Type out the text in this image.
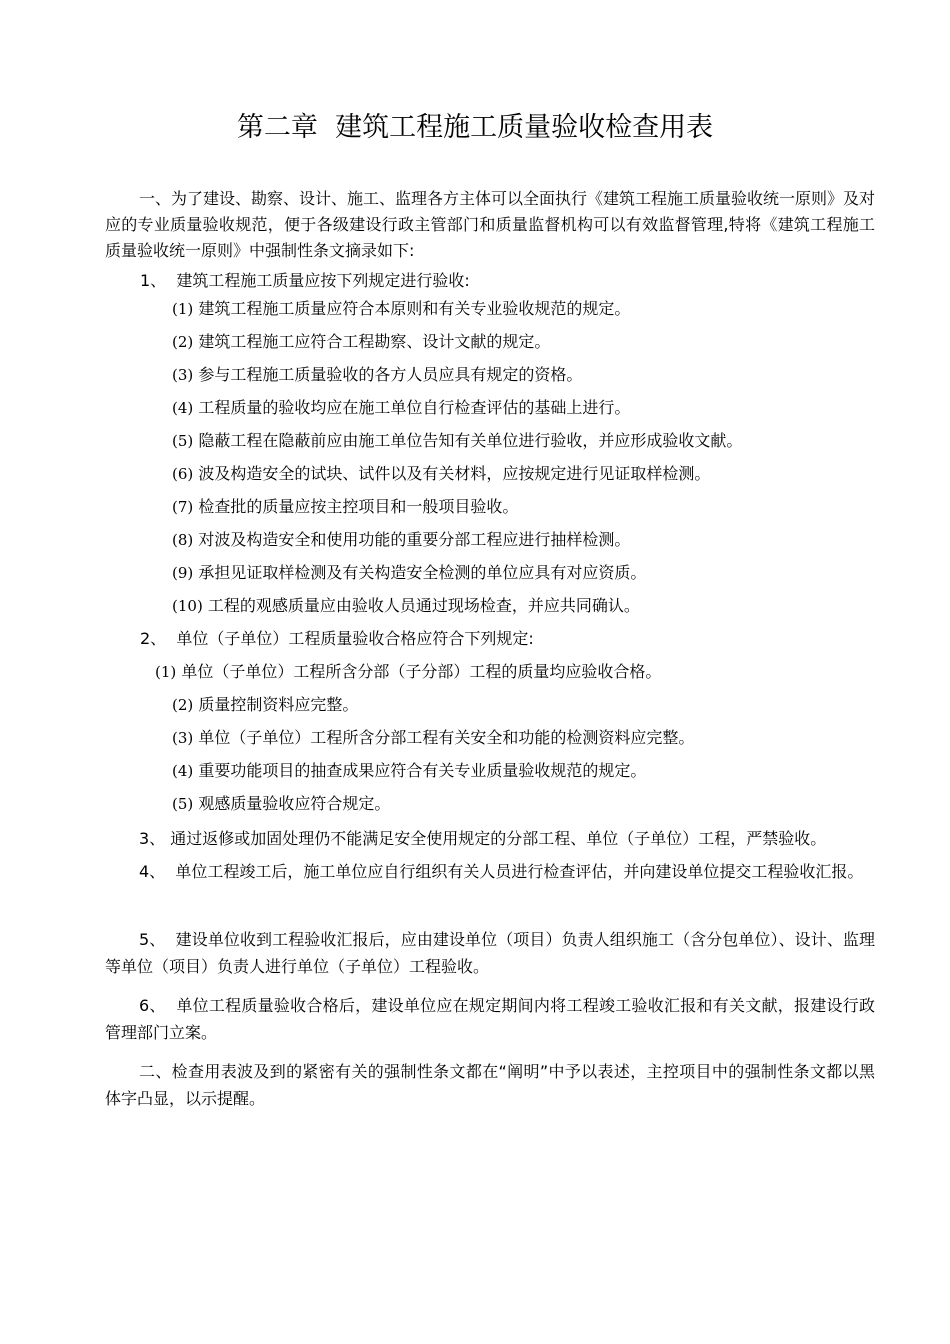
第二章  建筑工程施工质量验收检查用表

一、为了建设、勘察、设计、施工、监理各方主体可以全面执行《建筑工程施工质量验收统一原则》及对应的专业质量验收规范，便于各级建设行政主管部门和质量监督机构可以有效监督管理,特将《建筑工程施工质量验收统一原则》中强制性条文摘录如下:

1、  建筑工程施工质量应按下列规定进行验收:
(1) 建筑工程施工质量应符合本原则和有关专业验收规范的规定。
(2) 建筑工程施工应符合工程勘察、设计文献的规定。
(3) 参与工程施工质量验收的各方人员应具有规定的资格。
(4) 工程质量的验收均应在施工单位自行检查评估的基础上进行。
(5) 隐蔽工程在隐蔽前应由施工单位告知有关单位进行验收，并应形成验收文献。
(6) 波及构造安全的试块、试件以及有关材料，应按规定进行见证取样检测。
(7) 检查批的质量应按主控项目和一般项目验收。
(8) 对波及构造安全和使用功能的重要分部工程应进行抽样检测。
(9) 承担见证取样检测及有关构造安全检测的单位应具有对应资质。
(10) 工程的观感质量应由验收人员通过现场检查，并应共同确认。
2、  单位（子单位）工程质量验收合格应符合下列规定:
(1) 单位（子单位）工程所含分部（子分部）工程的质量均应验收合格。
(2) 质量控制资料应完整。
(3) 单位（子单位）工程所含分部工程有关安全和功能的检测资料应完整。
(4) 重要功能项目的抽查成果应符合有关专业质量验收规范的规定。
(5) 观感质量验收应符合规定。

3、 通过返修或加固处理仍不能满足安全使用规定的分部工程、单位（子单位）工程，严禁验收。

4、  单位工程竣工后，施工单位应自行组织有关人员进行检查评估，并向建设单位提交工程验收汇报。

5、  建设单位收到工程验收汇报后，应由建设单位（项目）负责人组织施工（含分包单位）、设计、监理等单位（项目）负责人进行单位（子单位）工程验收。

6、  单位工程质量验收合格后，建设单位应在规定期间内将工程竣工验收汇报和有关文献，报建设行政管理部门立案。

二、检查用表波及到的紧密有关的强制性条文都在“阐明”中予以表述，主控项目中的强制性条文都以黑体字凸显，以示提醒。
